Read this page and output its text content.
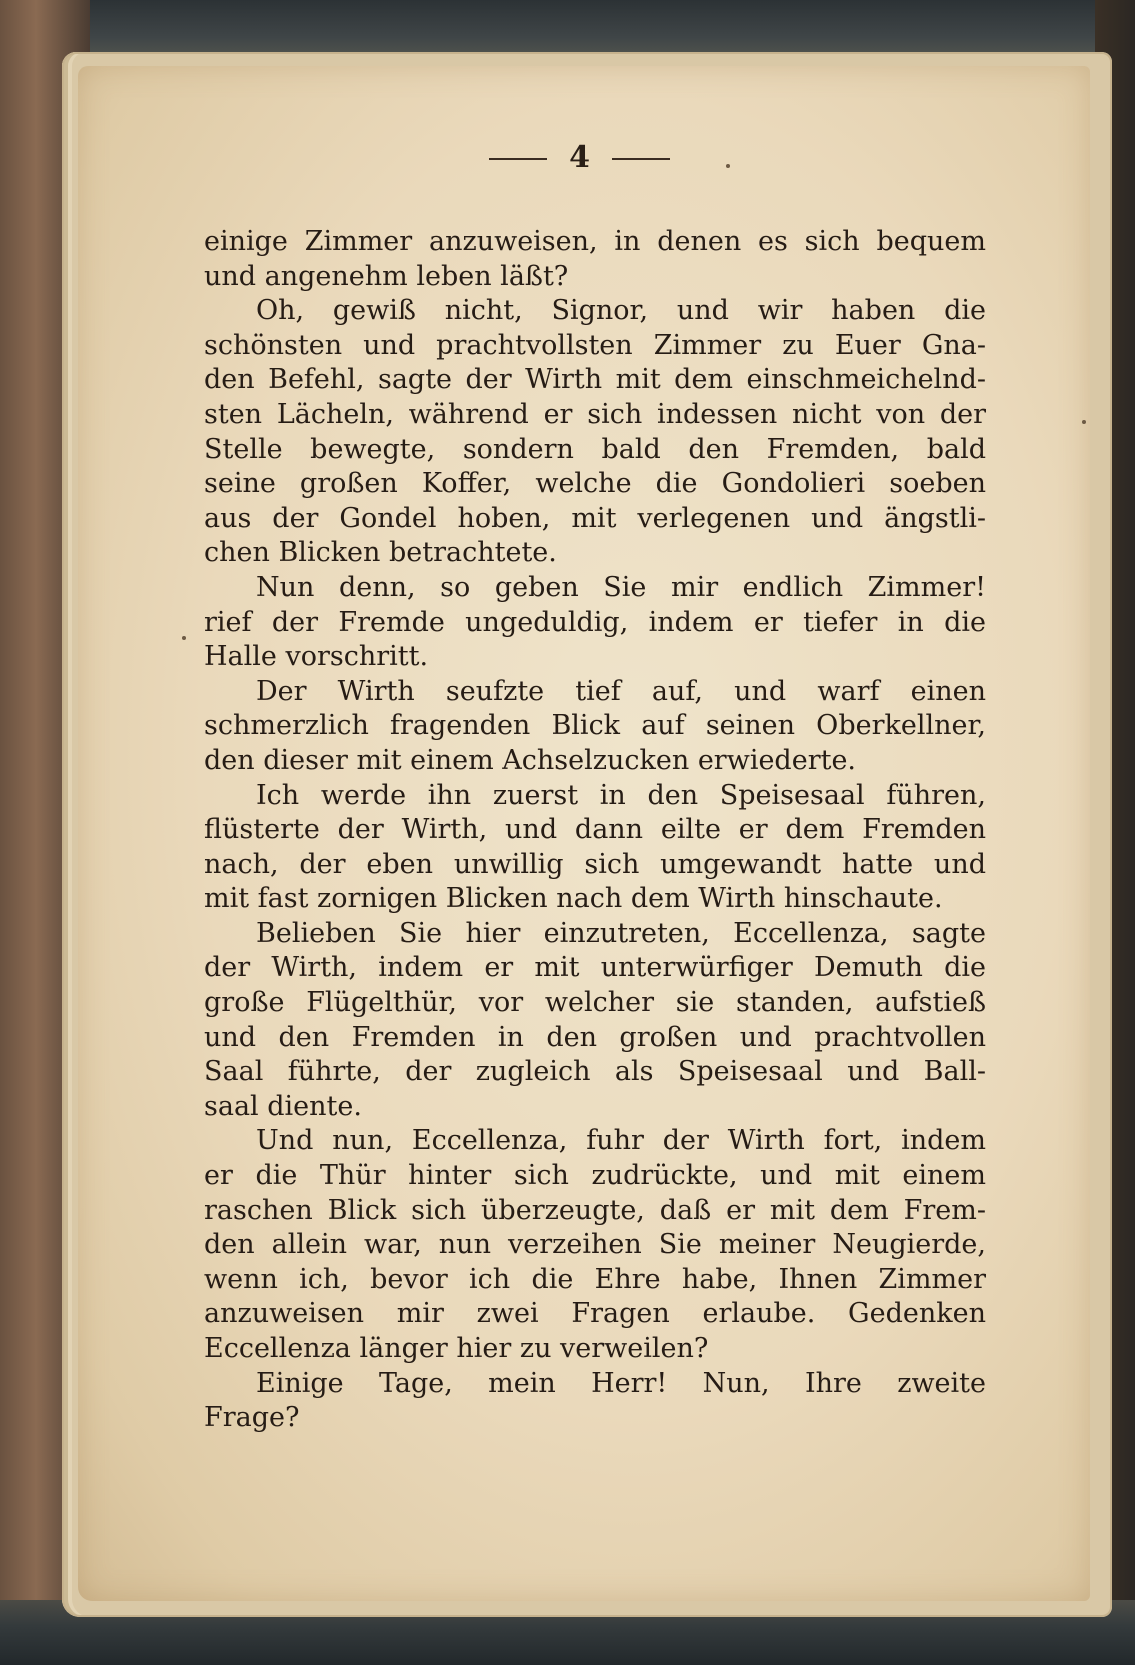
4
einige Zimmer anzuweisen, in denen es sich bequem
und angenehm leben läßt?
Oh, gewiß nicht, Signor, und wir haben die
schönsten und prachtvollsten Zimmer zu Euer Gna-
den Befehl, sagte der Wirth mit dem einschmeichelnd-
sten Lächeln, während er sich indessen nicht von der
Stelle bewegte, sondern bald den Fremden, bald
seine großen Koffer, welche die Gondolieri soeben
aus der Gondel hoben, mit verlegenen und ängstli-
chen Blicken betrachtete.
Nun denn, so geben Sie mir endlich Zimmer!
rief der Fremde ungeduldig, indem er tiefer in die
Halle vorschritt.
Der Wirth seufzte tief auf, und warf einen
schmerzlich fragenden Blick auf seinen Oberkellner,
den dieser mit einem Achselzucken erwiederte.
Ich werde ihn zuerst in den Speisesaal führen,
flüsterte der Wirth, und dann eilte er dem Fremden
nach, der eben unwillig sich umgewandt hatte und
mit fast zornigen Blicken nach dem Wirth hinschaute.
Belieben Sie hier einzutreten, Eccellenza, sagte
der Wirth, indem er mit unterwürfiger Demuth die
große Flügelthür, vor welcher sie standen, aufstieß
und den Fremden in den großen und prachtvollen
Saal führte, der zugleich als Speisesaal und Ball-
saal diente.
Und nun, Eccellenza, fuhr der Wirth fort, indem
er die Thür hinter sich zudrückte, und mit einem
raschen Blick sich überzeugte, daß er mit dem Frem-
den allein war, nun verzeihen Sie meiner Neugierde,
wenn ich, bevor ich die Ehre habe, Ihnen Zimmer
anzuweisen mir zwei Fragen erlaube. Gedenken
Eccellenza länger hier zu verweilen?
Einige Tage, mein Herr! Nun, Ihre zweite
Frage?
